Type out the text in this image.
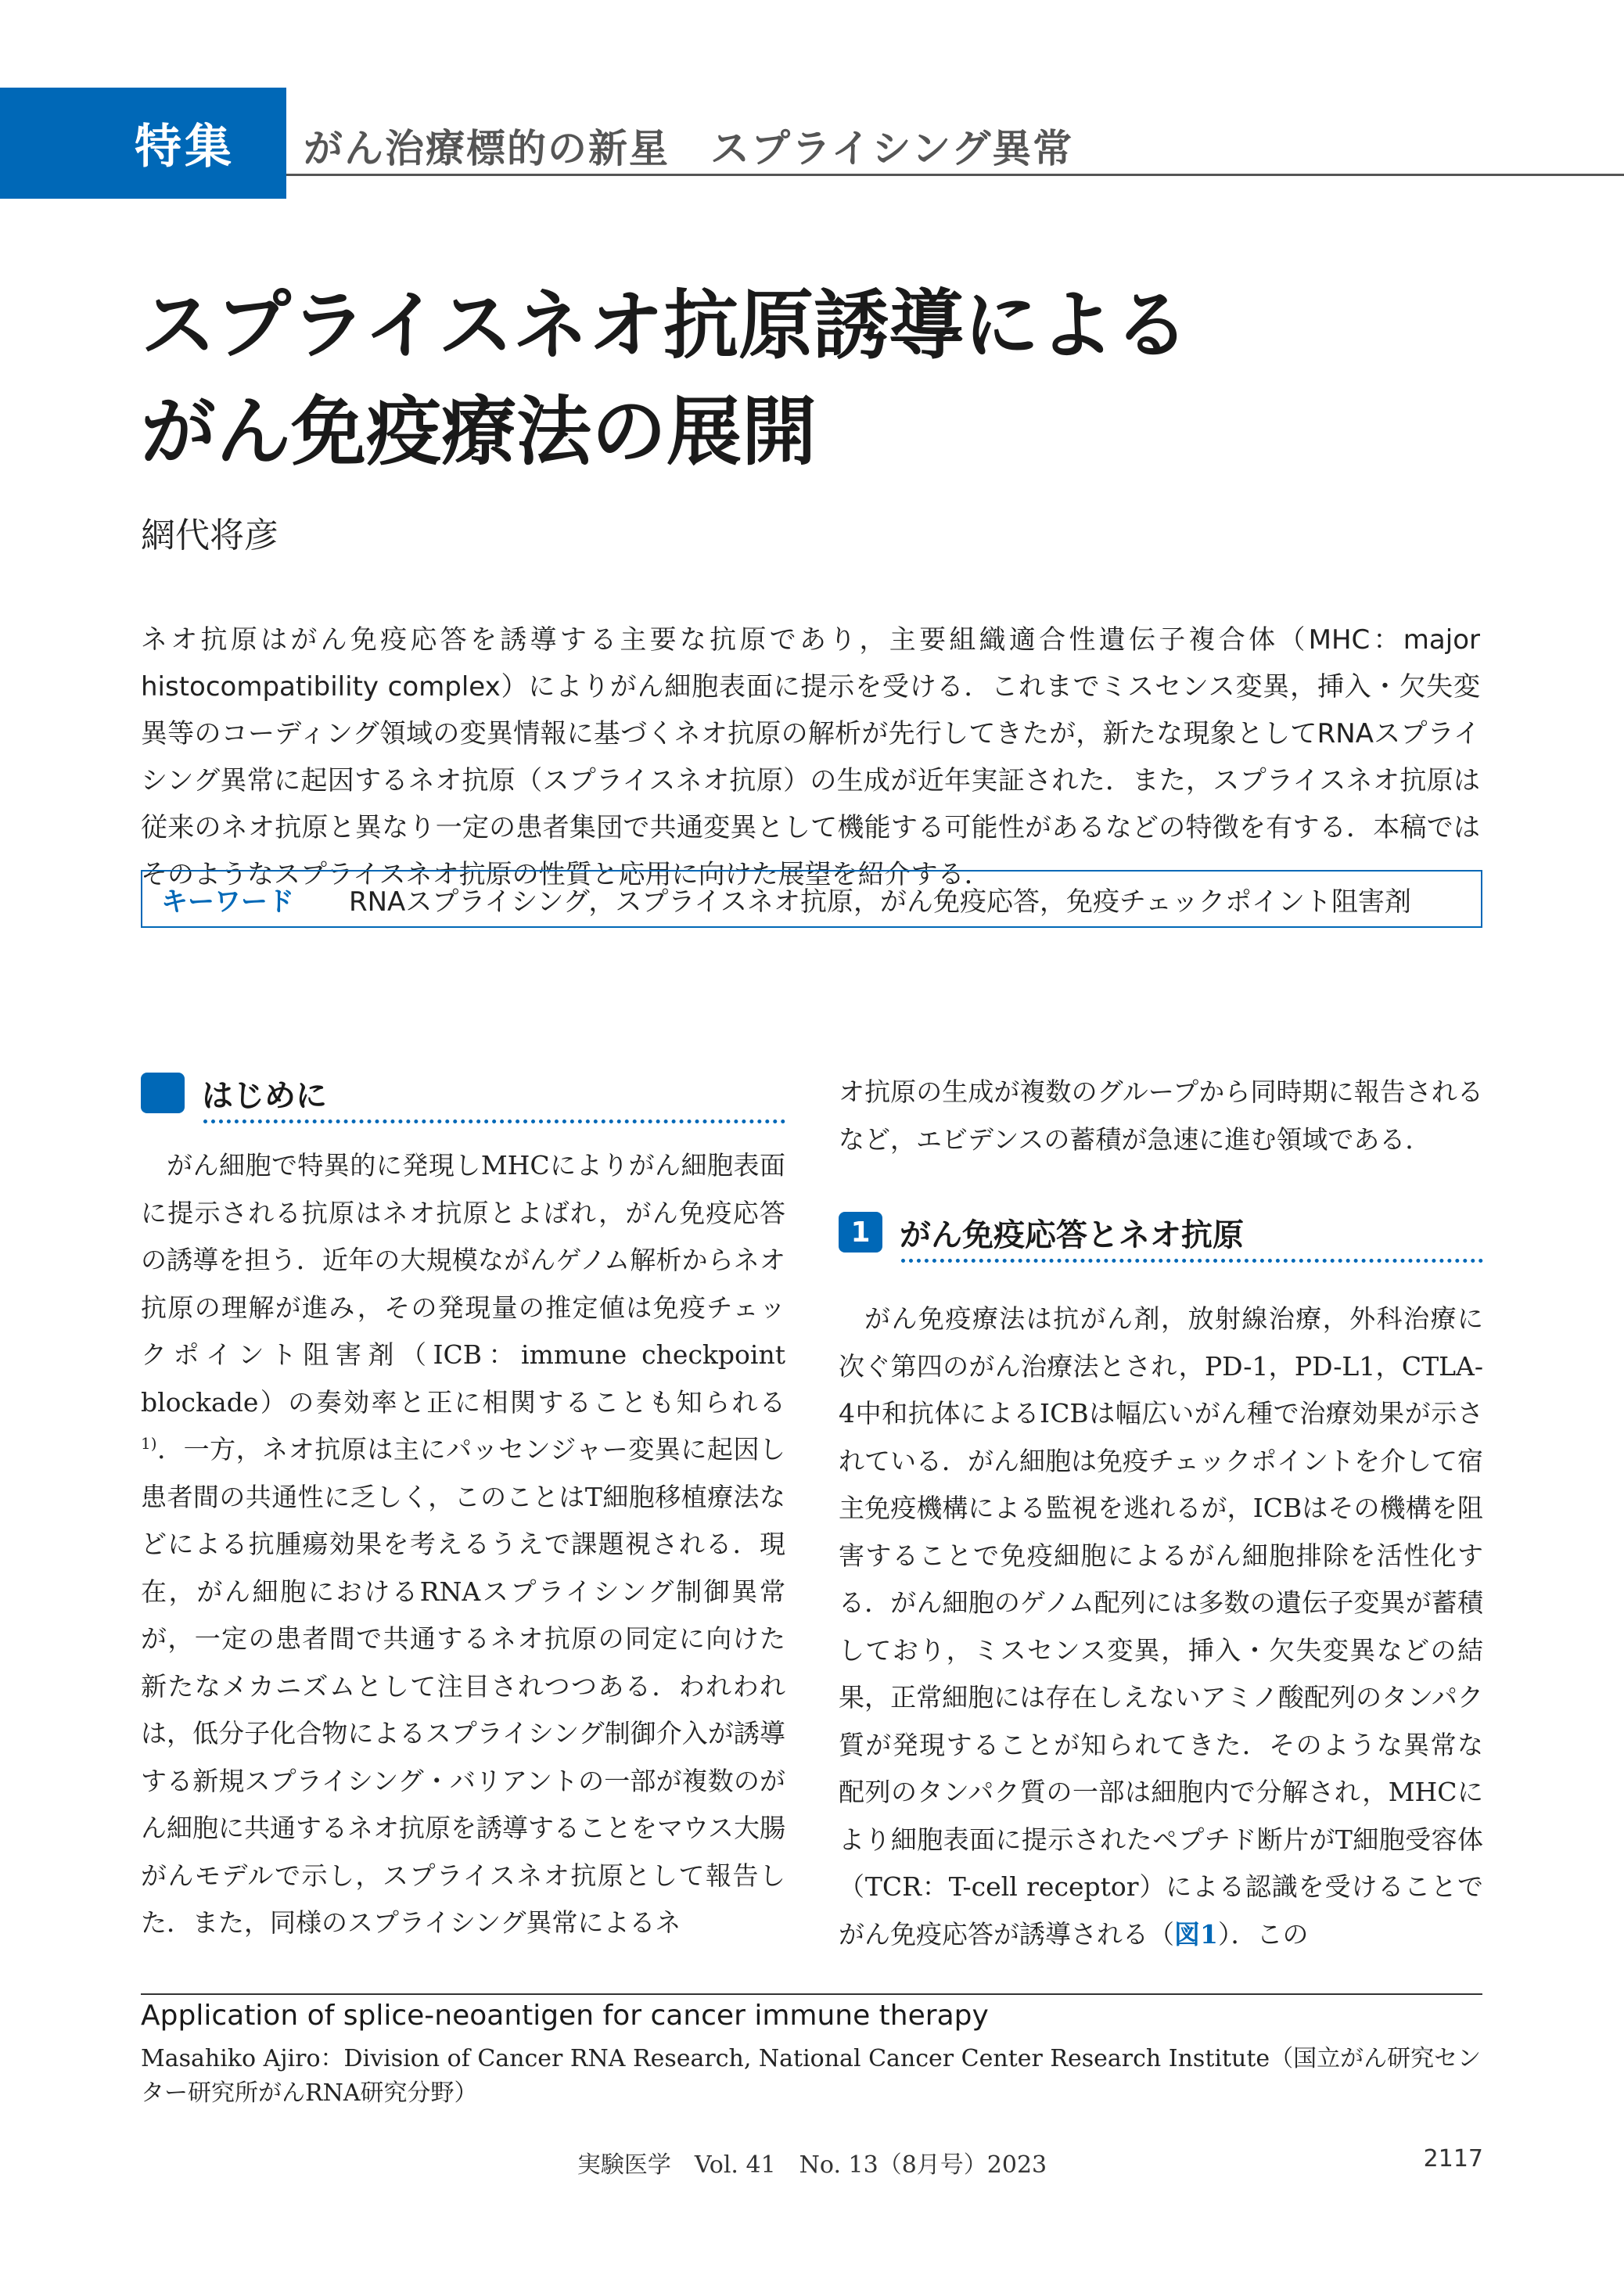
特集 がん治療標的の新星　スプライシング異常
スプライスネオ抗原誘導による
がん免疫療法の展開
網代将彦

ネオ抗原はがん免疫応答を誘導する主要な抗原であり，主要組織適合性遺伝子複合体（MHC：major histocompatibility complex）によりがん細胞表面に提示を受ける．これまでミスセンス変異，挿入・欠失変異等のコーディング領域の変異情報に基づくネオ抗原の解析が先行してきたが，新たな現象としてRNAスプライシング異常に起因するネオ抗原（スプライスネオ抗原）の生成が近年実証された．また，スプライスネオ抗原は従来のネオ抗原と異なり一定の患者集団で共通変異として機能する可能性があるなどの特徴を有する．本稿ではそのようなスプライスネオ抗原の性質と応用に向けた展望を紹介する．

キーワード	RNAスプライシング，スプライスネオ抗原，がん免疫応答，免疫チェックポイント阻害剤
はじめに

がん細胞で特異的に発現しMHCによりがん細胞表面に提示される抗原はネオ抗原とよばれ，がん免疫応答の誘導を担う．近年の大規模ながんゲノム解析からネオ抗原の理解が進み，その発現量の推定値は免疫チェックポイント阻害剤（ICB：immune checkpoint blockade）の奏効率と正に相関することも知られる$^{1)}$．一方，ネオ抗原は主にパッセンジャー変異に起因し患者間の共通性に乏しく，このことはT細胞移植療法などによる抗腫瘍効果を考えるうえで課題視される．現在，がん細胞におけるRNAスプライシング制御異常が，一定の患者間で共通するネオ抗原の同定に向けた新たなメカニズムとして注目されつつある．われわれは，低分子化合物によるスプライシング制御介入が誘導する新規スプライシング・バリアントの一部が複数のがん細胞に共通するネオ抗原を誘導することをマウス大腸がんモデルで示し，スプライスネオ抗原として報告した．また，同様のスプライシング異常によるネ

オ抗原の生成が複数のグループから同時期に報告されるなど，エビデンスの蓄積が急速に進む領域である．

1 がん免疫応答とネオ抗原

がん免疫療法は抗がん剤，放射線治療，外科治療に次ぐ第四のがん治療法とされ，PD-1，PD-L1，CTLA-4中和抗体によるICBは幅広いがん種で治療効果が示されている．がん細胞は免疫チェックポイントを介して宿主免疫機構による監視を逃れるが，ICBはその機構を阻害することで免疫細胞によるがん細胞排除を活性化する．がん細胞のゲノム配列には多数の遺伝子変異が蓄積しており，ミスセンス変異，挿入・欠失変異などの結果，正常細胞には存在しえないアミノ酸配列のタンパク質が発現することが知られてきた．そのような異常な配列のタンパク質の一部は細胞内で分解され，MHCにより細胞表面に提示されたペプチド断片がT細胞受容体（TCR：T-cell receptor）による認識を受けることでがん免疫応答が誘導される（図1）．この

Application of splice-neoantigen for cancer immune therapy
Masahiko Ajiro：Division of Cancer RNA Research, National Cancer Center Research Institute（国立がん研究センター研究所がんRNA研究分野）
実験医学　Vol. 41　No. 13（8月号）2023	2117
